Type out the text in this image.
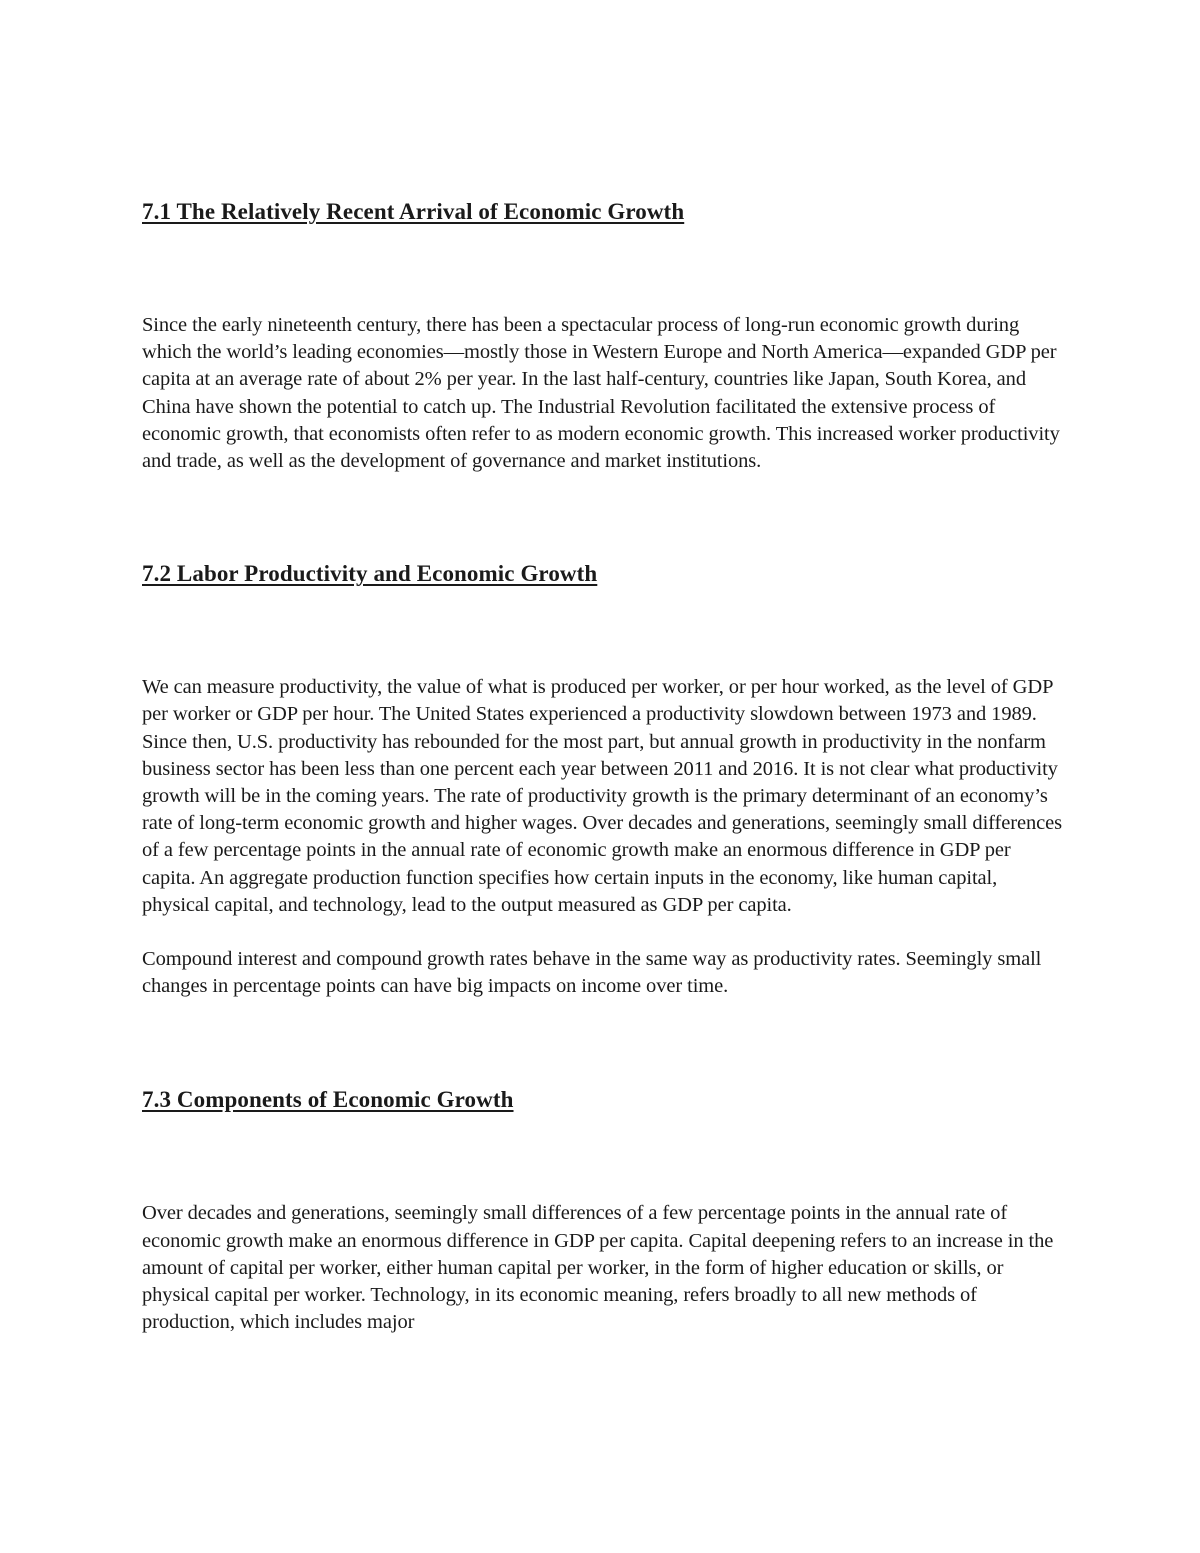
7.1 The Relatively Recent Arrival of Economic Growth

Since the early nineteenth century, there has been a spectacular process of long-run economic growth during which the world’s leading economies—mostly those in Western Europe and North America—expanded GDP per capita at an average rate of about 2% per year. In the last half-century, countries like Japan, South Korea, and China have shown the potential to catch up. The Industrial Revolution facilitated the extensive process of economic growth, that economists often refer to as modern economic growth. This increased worker productivity and trade, as well as the development of governance and market institutions.

7.2 Labor Productivity and Economic Growth

We can measure productivity, the value of what is produced per worker, or per hour worked, as the level of GDP per worker or GDP per hour. The United States experienced a productivity slowdown between 1973 and 1989. Since then, U.S. productivity has rebounded for the most part, but annual growth in productivity in the nonfarm business sector has been less than one percent each year between 2011 and 2016. It is not clear what productivity growth will be in the coming years. The rate of productivity growth is the primary determinant of an economy’s rate of long-term economic growth and higher wages. Over decades and generations, seemingly small differences of a few percentage points in the annual rate of economic growth make an enormous difference in GDP per capita. An aggregate production function specifies how certain inputs in the economy, like human capital, physical capital, and technology, lead to the output measured as GDP per capita.

Compound interest and compound growth rates behave in the same way as productivity rates. Seemingly small changes in percentage points can have big impacts on income over time.

7.3 Components of Economic Growth

Over decades and generations, seemingly small differences of a few percentage points in the annual rate of economic growth make an enormous difference in GDP per capita. Capital deepening refers to an increase in the amount of capital per worker, either human capital per worker, in the form of higher education or skills, or physical capital per worker. Technology, in its economic meaning, refers broadly to all new methods of production, which includes major
